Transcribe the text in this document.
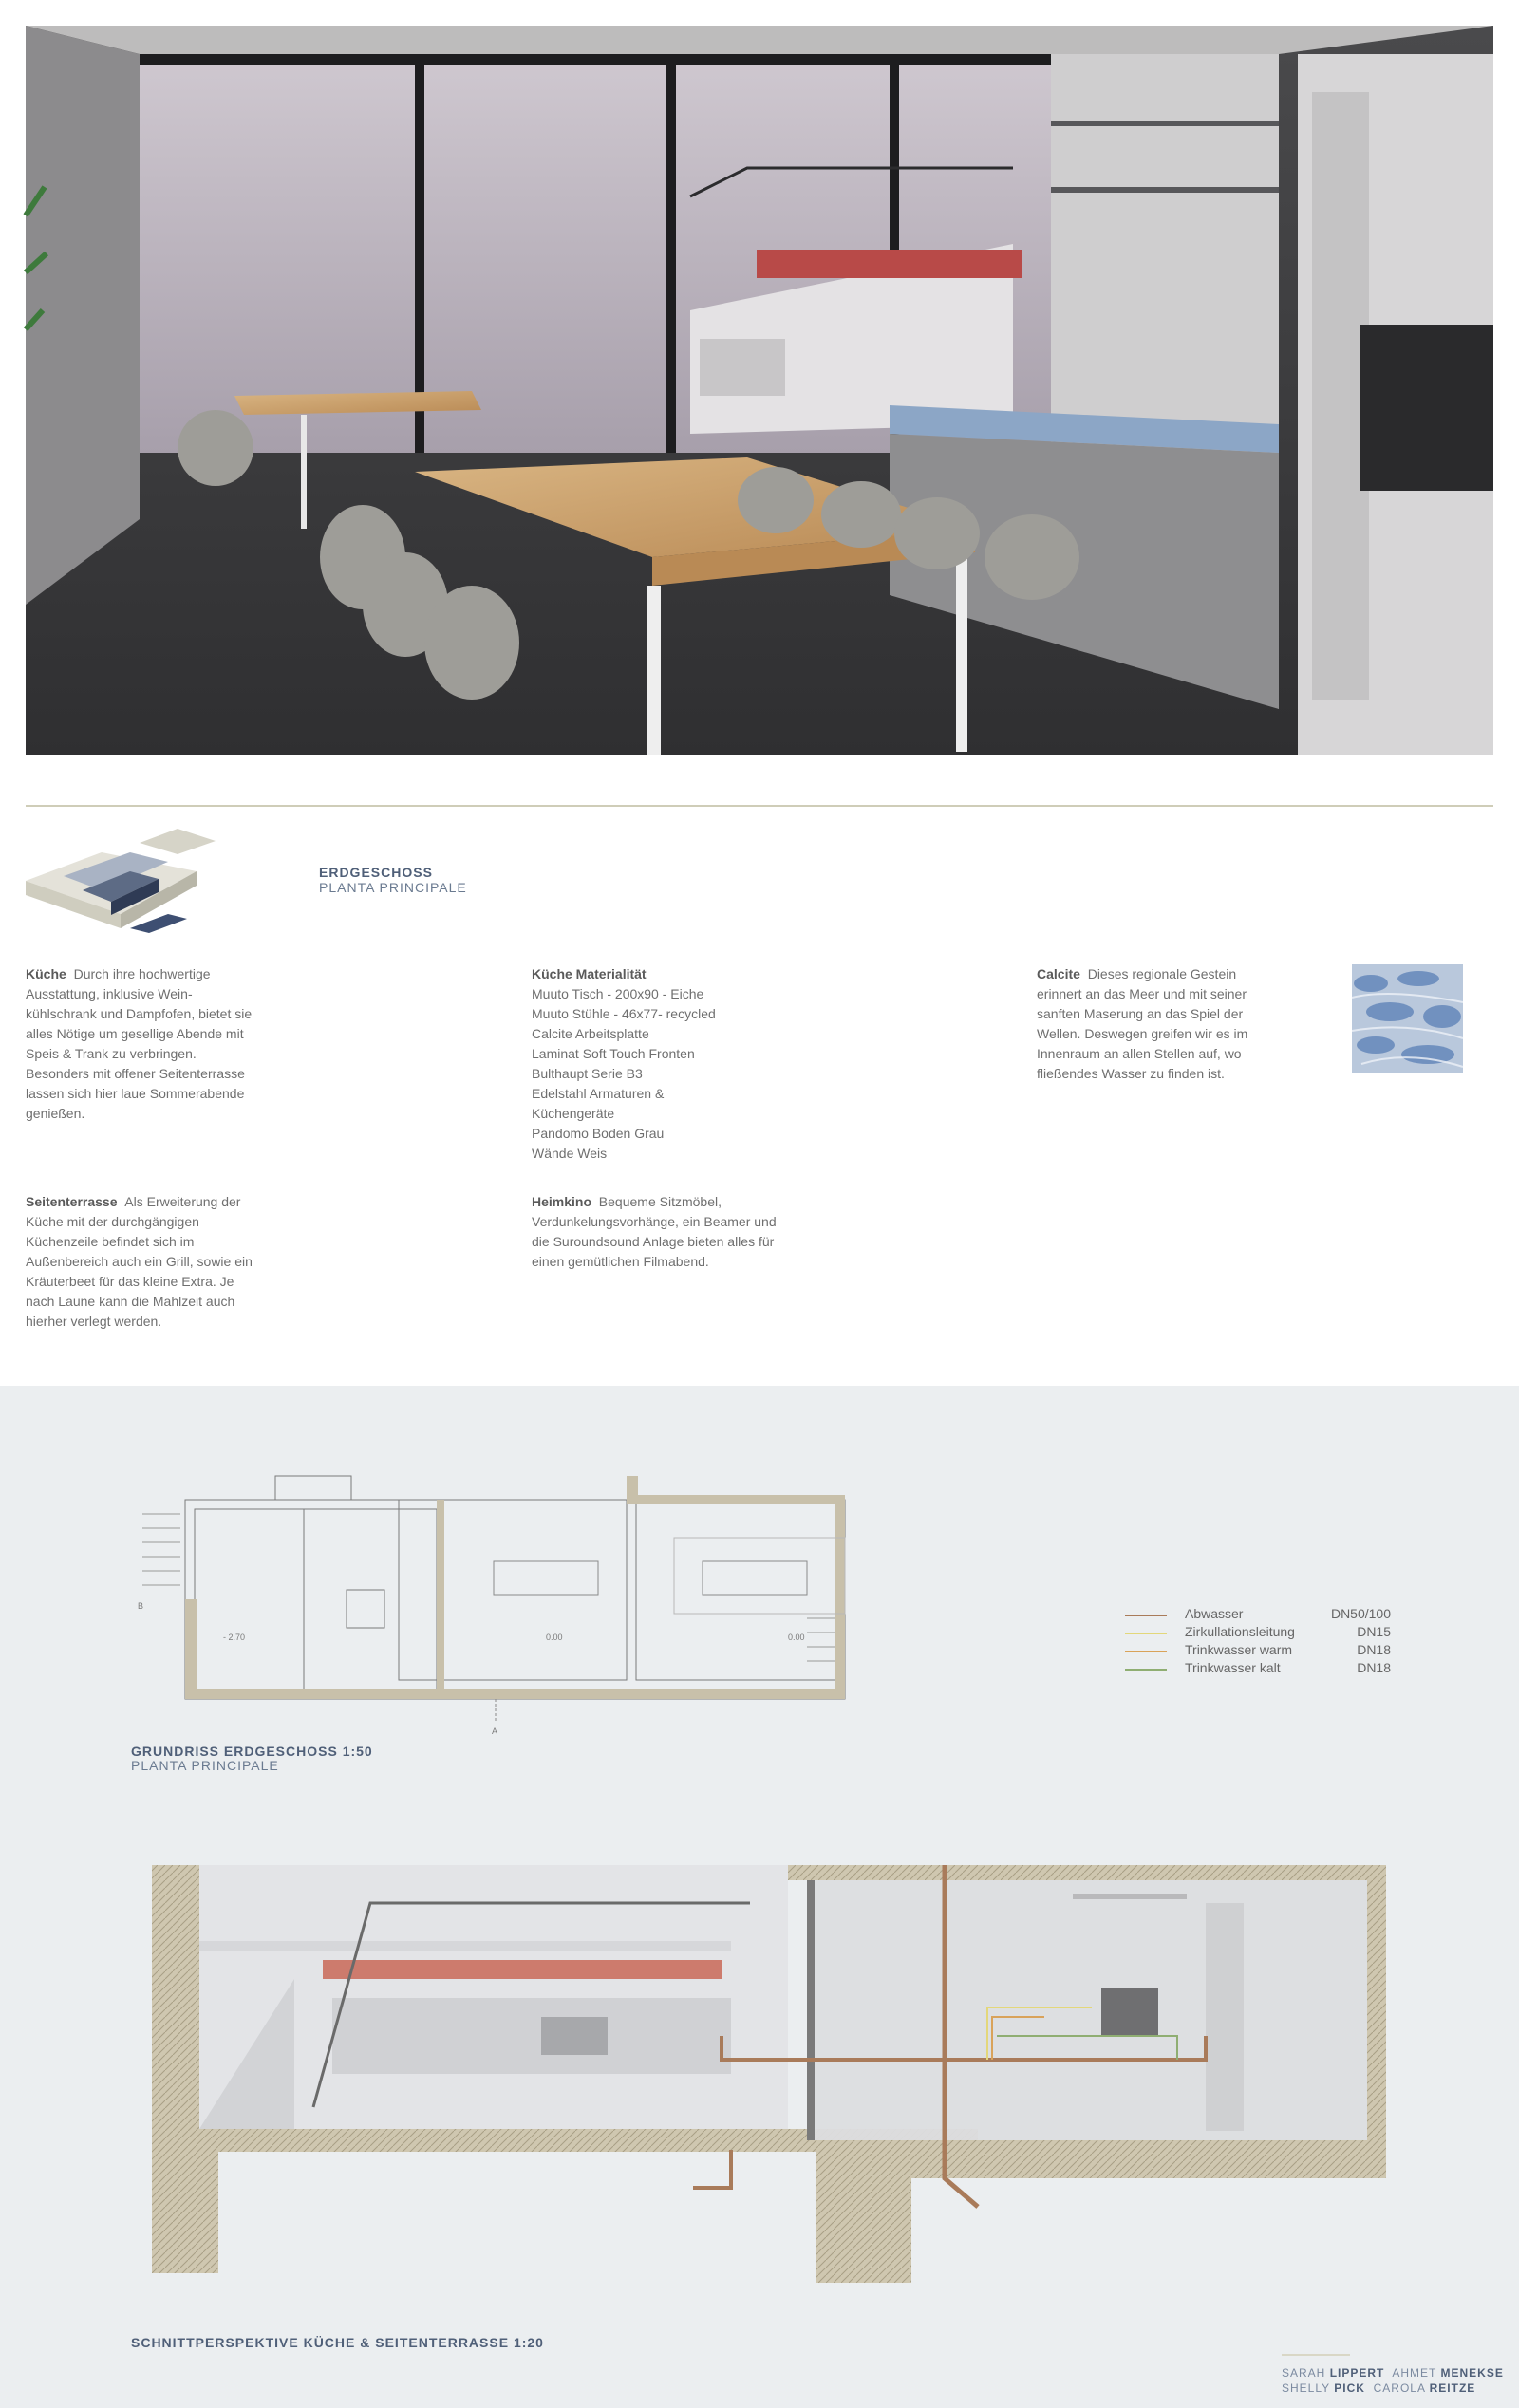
ERDGESCHOSS
PLANTA PRINCIPALE
Küche Durch ihre hochwertige Ausstattung, inklusive Wein-kühlschrank und Dampfofen, bietet sie alles Nötige um gesellige Abende mit Speis & Trank zu verbringen. Besonders mit offener Seitenterrasse lassen sich hier laue Sommerabende genießen.
Küche Materialität
Muuto Tisch - 200x90 - Eiche
Muuto Stühle - 46x77- recycled
Calcite Arbeitsplatte
Laminat Soft Touch Fronten
Bulthaupt Serie B3
Edelstahl Armaturen &
Küchengeräte
Pandomo Boden Grau
Wände Weis
Calcite Dieses regionale Gestein erinnert an das Meer und mit seiner sanften Maserung an das Spiel der Wellen. Deswegen greifen wir es im Innenraum an allen Stellen auf, wo fließendes Wasser zu finden ist.
Seitenterrasse Als Erweiterung der Küche mit der durchgängigen Küchenzeile befindet sich im Außenbereich auch ein Grill, sowie ein Kräuterbeet für das kleine Extra. Je nach Laune kann die Mahlzeit auch hierher verlegt werden.
Heimkino Bequeme Sitzmöbel, Verdunkelungsvorhänge, ein Beamer und die Suroundsound Anlage bieten alles für einen gemütlichen Filmabend.
B
- 2.70	0.00	0.00
A
GRUNDRISS ERDGESCHOSS 1:50
PLANTA PRINCIPALE
Abwasser	DN50/100
Zirkullationsleitung	DN15
Trinkwasser warm	DN18
Trinkwasser kalt	DN18
SCHNITTPERSPEKTIVE KÜCHE & SEITENTERRASSE 1:20
SARAH LIPPERT AHMET MENEKSE
SHELLY PICK CAROLA REITZE
